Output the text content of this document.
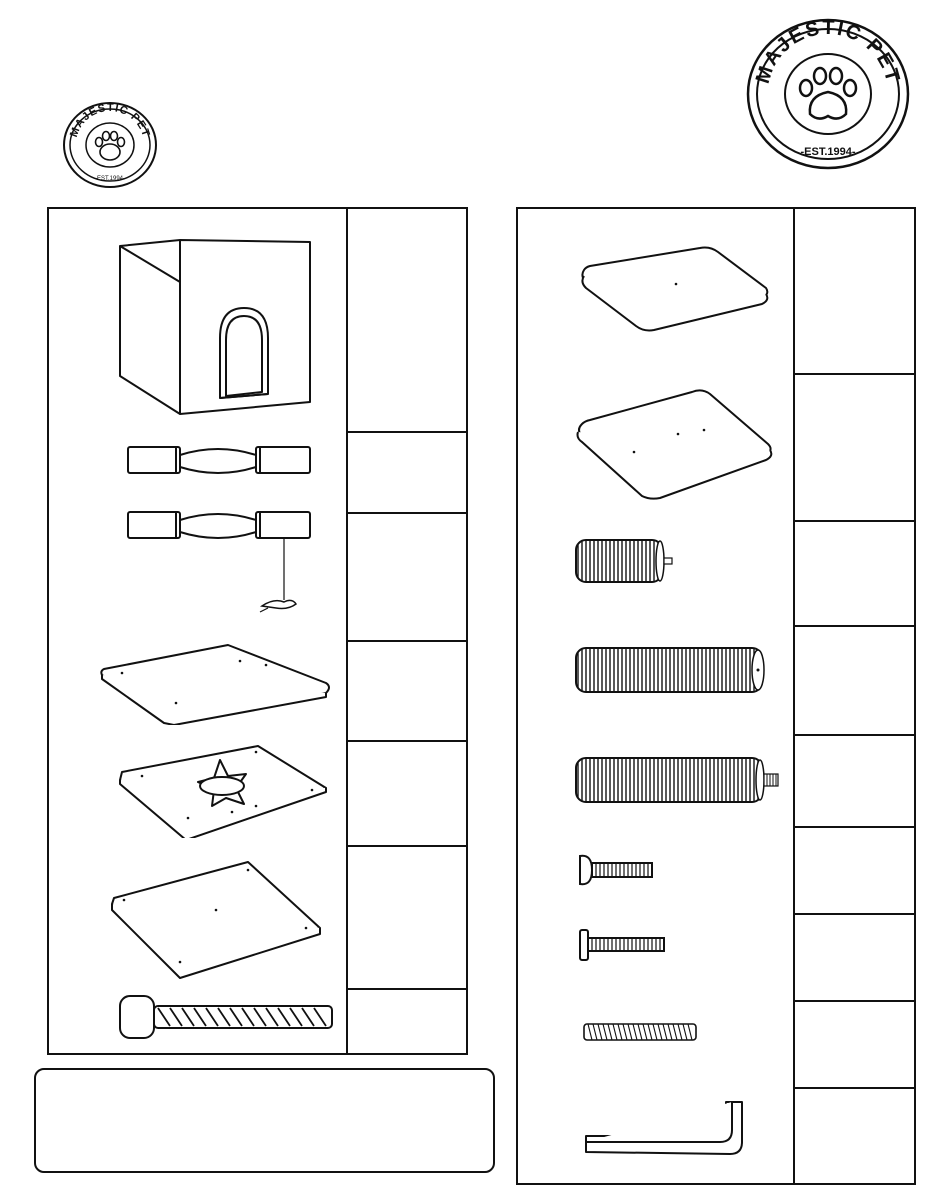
MAJESTIC PET
-EST.1994-
MAJESTIC PET
-EST.1994-
